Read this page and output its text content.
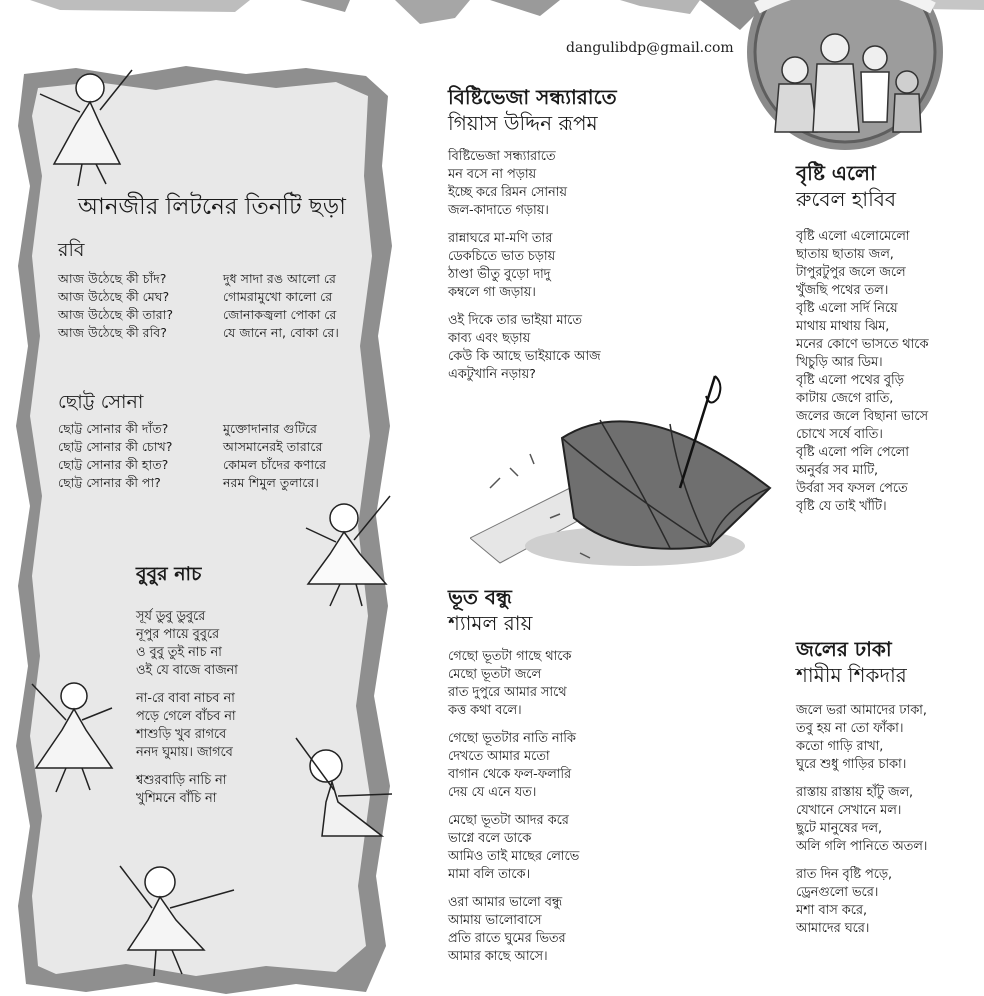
dangulibdp@gmail.com
আনজীর লিটনের তিনটি ছড়া
রবি
আজ উঠেছে কী চাঁদ?
আজ উঠেছে কী মেঘ?
আজ উঠেছে কী তারা?
আজ উঠেছে কী রবি?
দুধ সাদা রঙ আলো রে
গোমরামুখো কালো রে
জোনাকজ্বলা পোকা রে
যে জানে না, বোকা রে।
ছোট্ট সোনা
ছোট্ট সোনার কী দাঁত?
ছোট্ট সোনার কী চোখ?
ছোট্ট সোনার কী হাত?
ছোট্ট সোনার কী পা?
মুক্তোদানার গুটিরে
আসমানেরই তারারে
কোমল চাঁদের কণারে
নরম শিমুল তুলারে।
বুবুর নাচ
সূর্য ডুবু ডুবুরে
নূপুর পায়ে বুবুরে
ও বুবু তুই নাচ না
ওই যে বাজে বাজনা
না-রে বাবা নাচব না
পড়ে গেলে বাঁচব না
শাশুড়ি খুব রাগবে
ননদ ঘুমায়। জাগবে
শ্বশুরবাড়ি নাচি না
খুশিমনে বাঁচি না
বিষ্টিভেজা সন্ধ্যারাতে
গিয়াস উদ্দিন রূপম
বিষ্টিভেজা সন্ধ্যারাতে
মন বসে না পড়ায়
ইচ্ছে করে রিমন সোনায়
জল-কাদাতে গড়ায়।
রান্নাঘরে মা-মণি তার
ডেকচিতে ভাত চড়ায়
ঠাণ্ডা ভীতু বুড়ো দাদু
কম্বলে গা জড়ায়।
ওই দিকে তার ভাইয়া মাতে
কাব্য এবং ছড়ায়
কেউ কি আছে ভাইয়াকে আজ
একটুখানি নড়ায়?
ভূত বন্ধু
শ্যামল রায়
গেছো ভূতটা গাছে থাকে
মেছো ভূতটা জলে
রাত দুপুরে আমার সাথে
কত্ত কথা বলে।
গেছো ভূতটার নাতি নাকি
দেখতে আমার মতো
বাগান থেকে ফল-ফলারি
দেয় যে এনে যত।
মেছো ভূতটা আদর করে
ভাগ্নে বলে ডাকে
আমিও তাই মাছের লোভে
মামা বলি তাকে।
ওরা আমার ভালো বন্ধু
আমায় ভালোবাসে
প্রতি রাতে ঘুমের ভিতর
আমার কাছে আসে।
বৃষ্টি এলো
রুবেল হাবিব
বৃষ্টি এলো এলোমেলো
ছাতায় ছাতায় জল,
টাপুরটুপুর জলে জলে
খুঁজছি পথের তল।
বৃষ্টি এলো সর্দি নিয়ে
মাথায় মাথায় ঝিম,
মনের কোণে ভাসতে থাকে
খিচুড়ি আর ডিম।
বৃষ্টি এলো পথের বুড়ি
কাটায় জেগে রাতি,
জলের জলে বিছানা ভাসে
চোখে সর্ষে বাতি।
বৃষ্টি এলো পলি পেলো
অনুর্বর সব মাটি,
উর্বরা সব ফসল পেতে
বৃষ্টি যে তাই খাঁটি।
জলের ঢাকা
শামীম শিকদার
জলে ভরা আমাদের ঢাকা,
তবু হয় না তো ফাঁকা।
কতো গাড়ি রাখা,
ঘুরে শুধু গাড়ির চাকা।
রাস্তায় রাস্তায় হাঁটু জল,
যেখানে সেখানে মল।
ছুটে মানুষের দল,
অলি গলি পানিতে অতল।
রাত দিন বৃষ্টি পড়ে,
ড্রেনগুলো ভরে।
মশা বাস করে,
আমাদের ঘরে।
